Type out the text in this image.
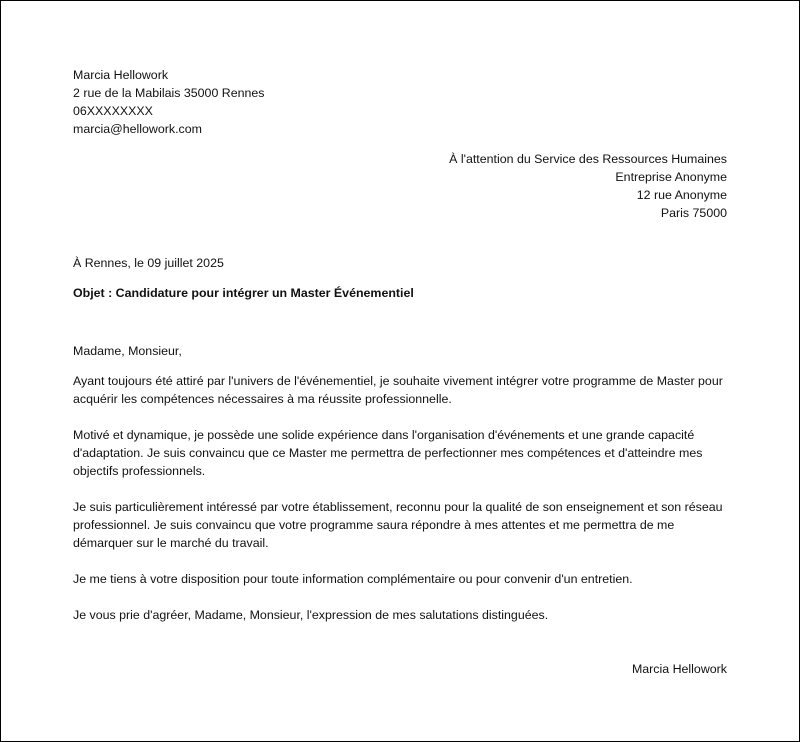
Marcia Hellowork
2 rue de la Mabilais 35000 Rennes
06XXXXXXXX
marcia@hellowork.com
À l'attention du Service des Ressources Humaines
Entreprise Anonyme
12 rue Anonyme
Paris 75000
À Rennes, le 09 juillet 2025
Objet : Candidature pour intégrer un Master Événementiel
Madame, Monsieur,

Ayant toujours été attiré par l'univers de l'événementiel, je souhaite vivement intégrer votre programme de Master pour acquérir les compétences nécessaires à ma réussite professionnelle.

Motivé et dynamique, je possède une solide expérience dans l'organisation d'événements et une grande capacité d'adaptation. Je suis convaincu que ce Master me permettra de perfectionner mes compétences et d'atteindre mes objectifs professionnels.

Je suis particulièrement intéressé par votre établissement, reconnu pour la qualité de son enseignement et son réseau professionnel. Je suis convaincu que votre programme saura répondre à mes attentes et me permettra de me démarquer sur le marché du travail.

Je me tiens à votre disposition pour toute information complémentaire ou pour convenir d'un entretien.

Je vous prie d'agréer, Madame, Monsieur, l'expression de mes salutations distinguées.

Marcia Hellowork
